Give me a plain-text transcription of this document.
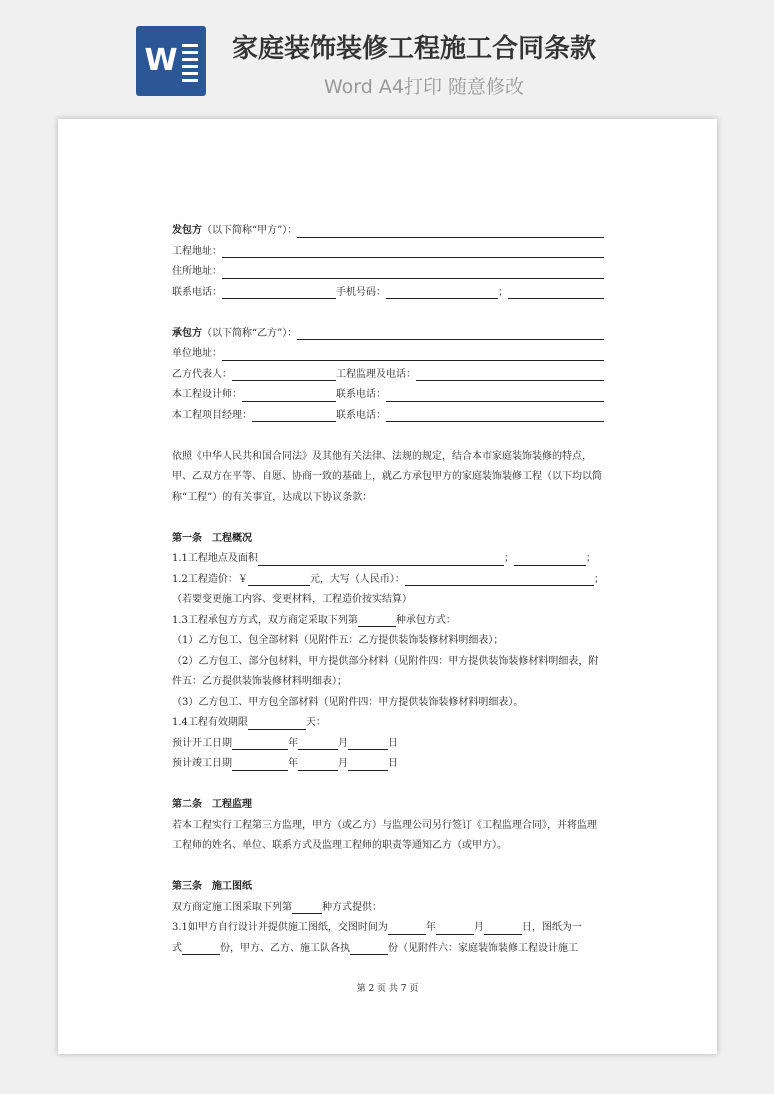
W 家庭装饰装修工程施工合同条款
Word A4打印 随意修改
发包方 （以下简称“甲方”）：
工程地址：
住所地址：
联系电话：	手机号码：	；
承包方 （以下简称“乙方”）：
单位地址：
乙方代表人：	工程监理及电话：
本工程设计师：	联系电话：
本工程项目经理：	联系电话：
依照《中华人民共和国合同法》及其他有关法律、法规的规定，结合本市家庭装饰装修的特点，甲、乙双方在平等、自愿、协商一致的基础上，就乙方承包甲方的家庭装饰装修工程（以下均以简称“工程”）的有关事宜，达成以下协议条款：
第一条　工程概况
1.1工程地点及面积	；	；
1.2工程造价：￥	元，大写（人民币）：	；
（若要变更施工内容、变更材料，工程造价按实结算）
1.3工程承包方方式，双方商定采取下列第	种承包方式：
（1）乙方包工、包全部材料（见附件五：乙方提供装饰装修材料明细表）；
（2）乙方包工、部分包材料，甲方提供部分材料（见附件四：甲方提供装饰装修材料明细表，附件五：乙方提供装饰装修材料明细表）；
（3）乙方包工、甲方包全部材料（见附件四：甲方提供装饰装修材料明细表）。
1.4工程有效期限	天：
预计开工日期	年	月	日
预计竣工日期	年	月	日
第二条　工程监理
若本工程实行工程第三方监理，甲方（或乙方）与监理公司另行签订《工程监理合同》，并将监理工程师的姓名、单位、联系方式及监理工程师的职责等通知乙方（或甲方）。
第三条　施工图纸
双方商定施工图采取下列第	种方式提供：
3.1如甲方自行设计并提供施工图纸，交图时间为	年	月	日 ，图纸为一
式	份，甲方、乙方、施工队各执	份（见附件六：家庭装饰装修工程设计施工
第 2 页 共 7 页
